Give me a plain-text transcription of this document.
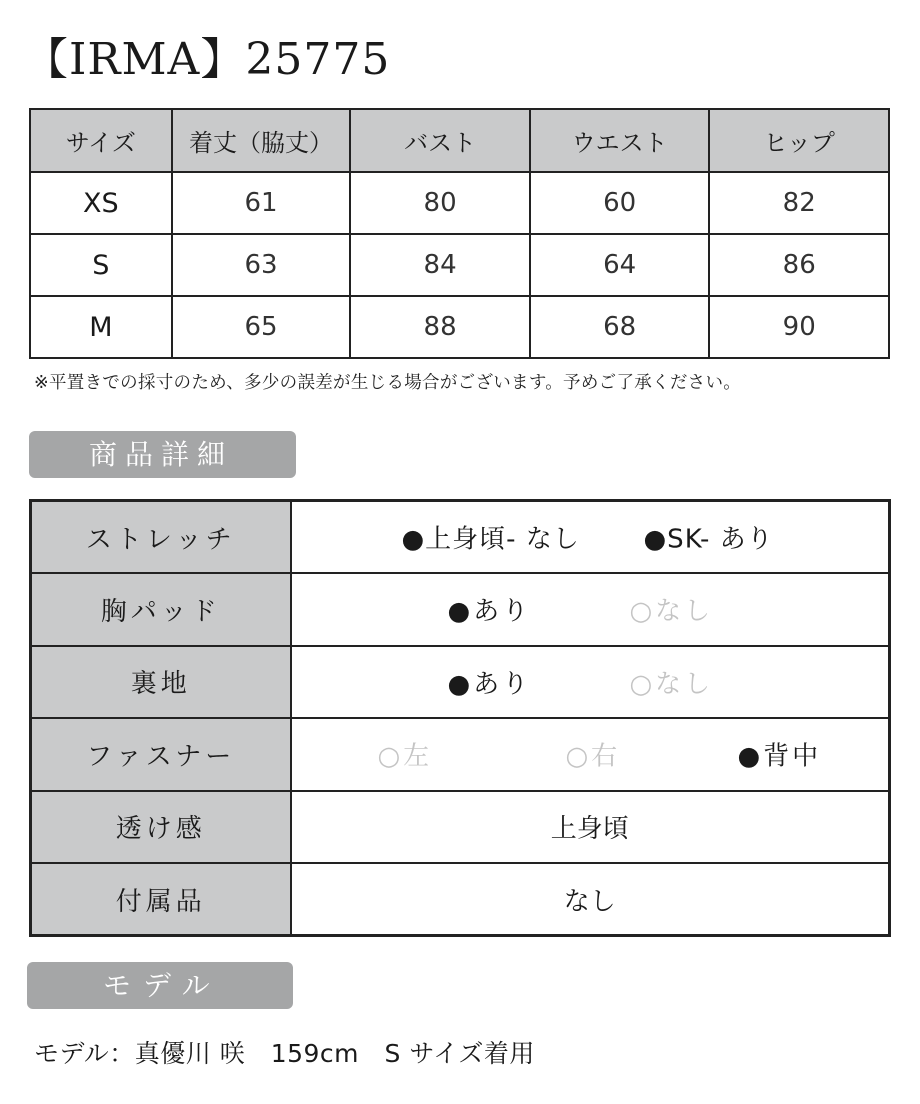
【IRMA】25775
サイズ	着丈（脇丈）	バスト	ウエスト	ヒップ
XS	61	80	60	82
S	63	84	64	86
M	65	88	68	90
※平置きでの採寸のため、多少の誤差が生じる場合がございます。予めご了承ください。
商品詳細
ストレッチ	●上身頃- なし ●SK- あり

胸パッド	●あり ○なし

裏地	●あり ○なし

ファスナー	○左 ○右 ●背中

透け感	上身頃
付属品	なし
モデル
モデル：真優川 咲　159cm　S サイズ着用
